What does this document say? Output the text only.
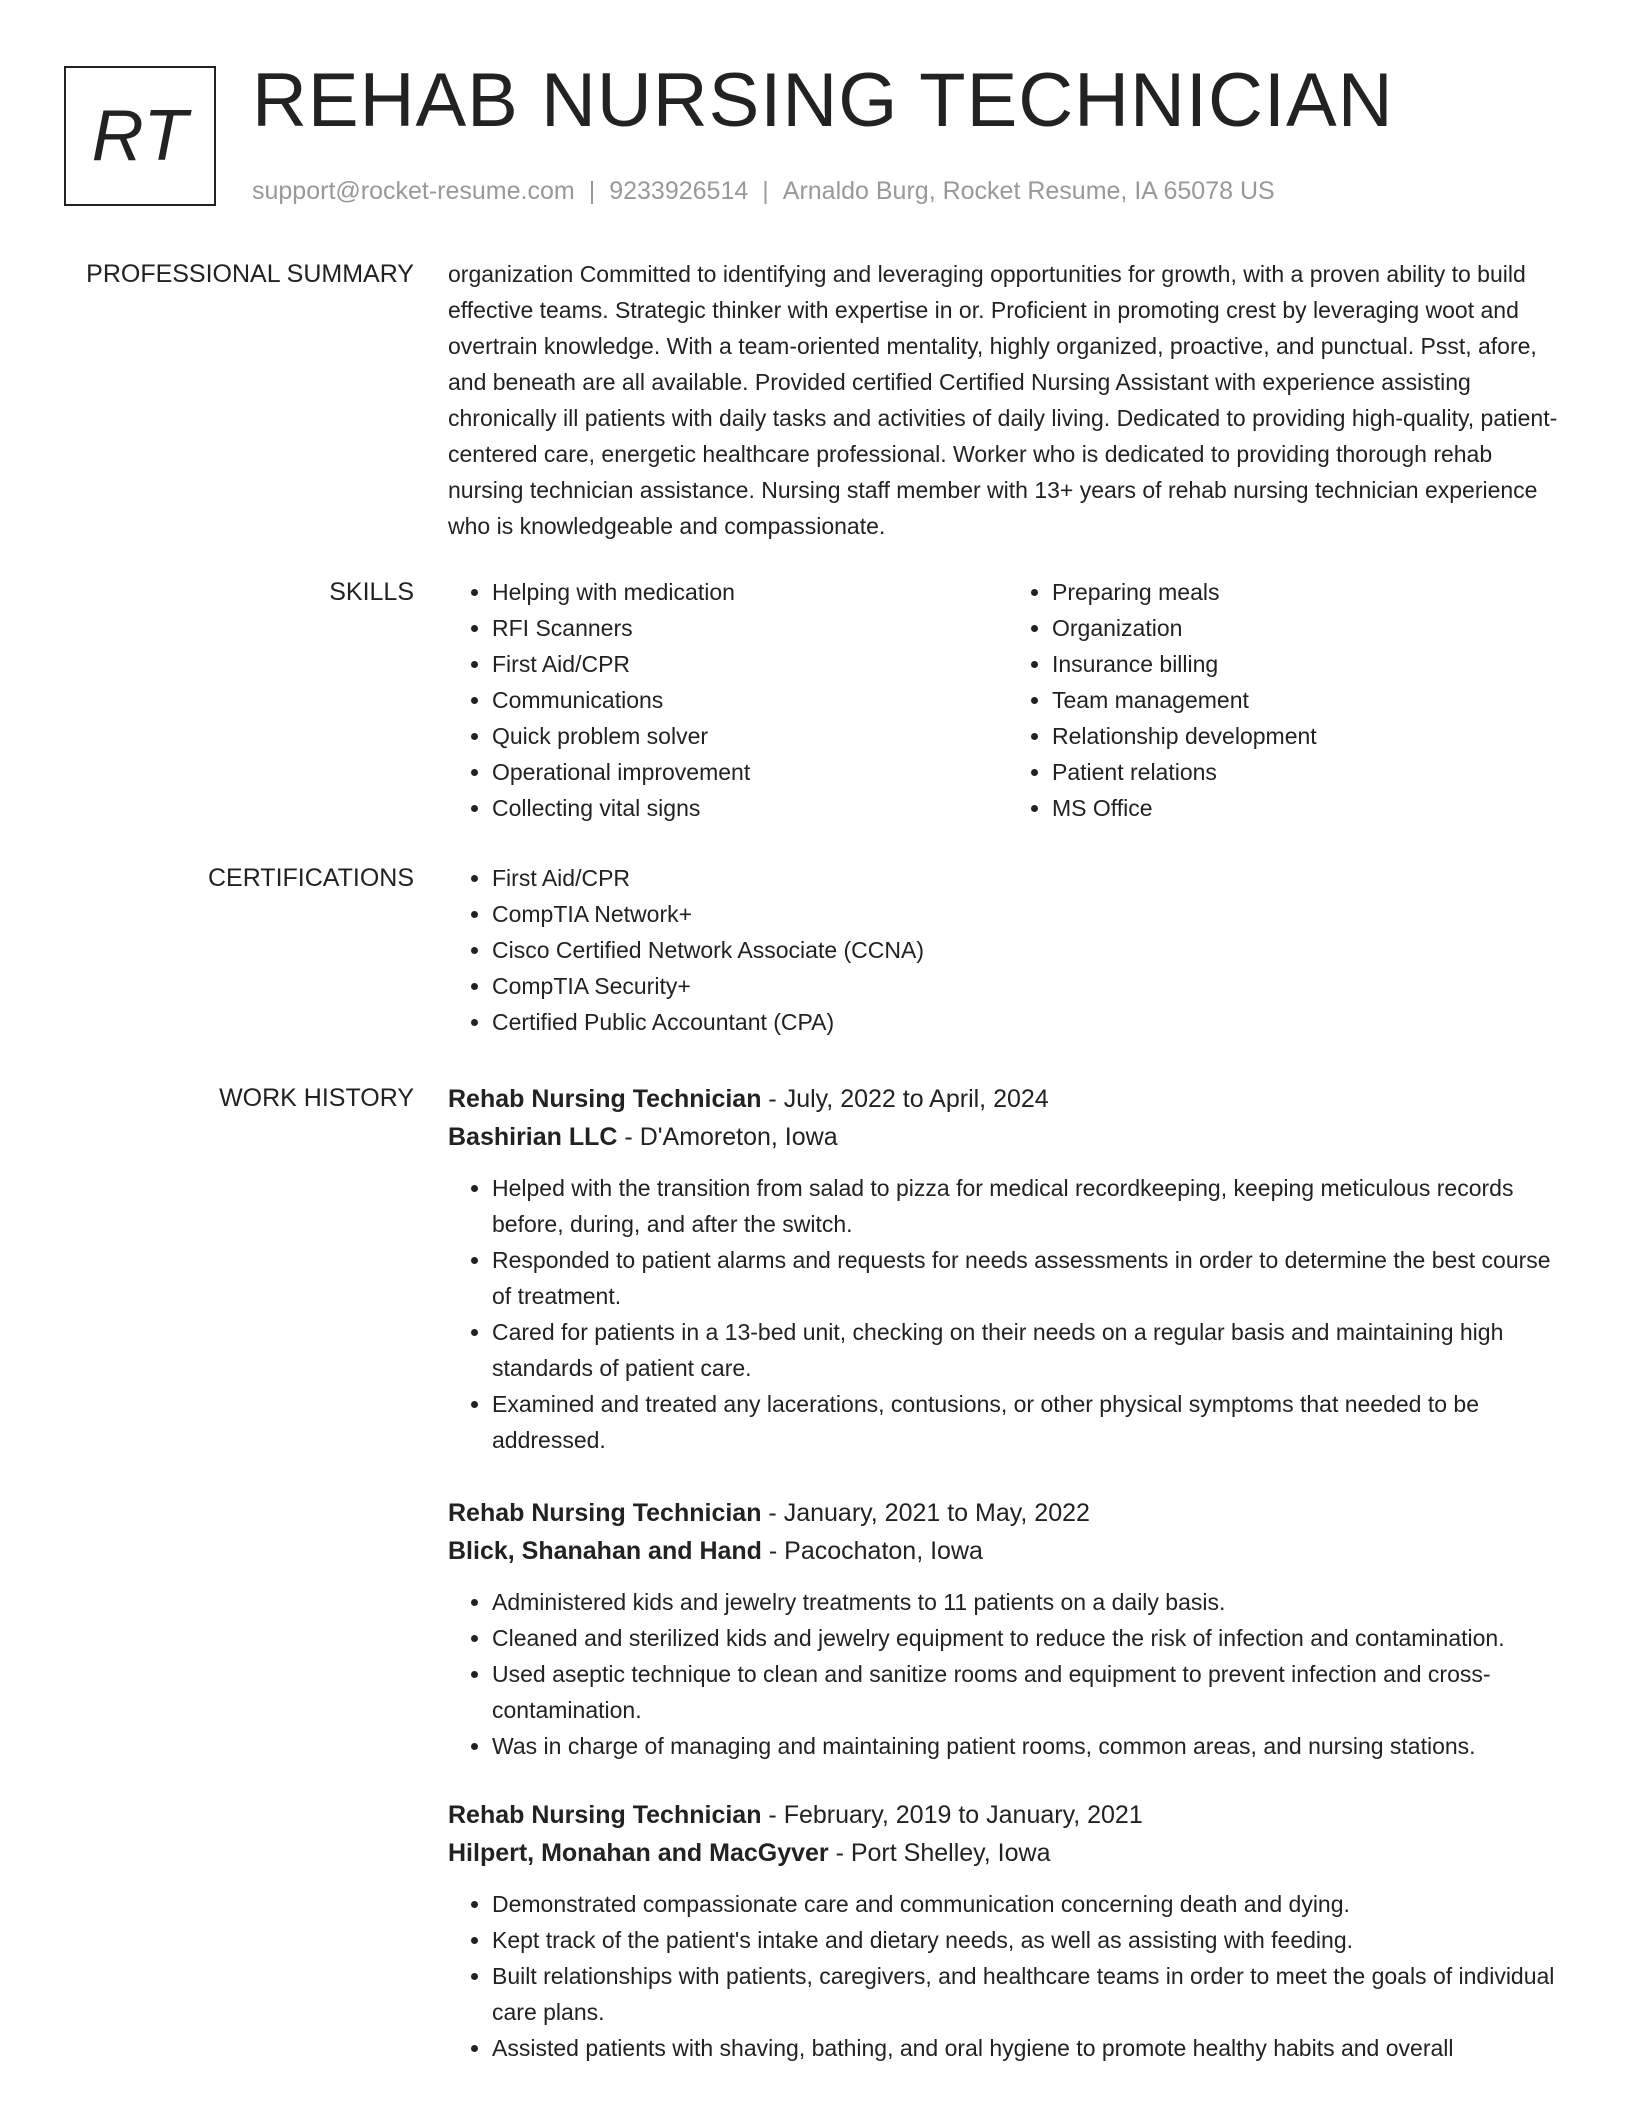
RT REHAB NURSING TECHNICIAN
support@rocket-resume.com | 9233926514 | Arnaldo Burg, Rocket Resume, IA 65078 US
PROFESSIONAL SUMMARY organization Committed to identifying and leveraging opportunities for growth, with a proven ability to build effective teams. Strategic thinker with expertise in or. Proficient in promoting crest by leveraging woot and overtrain knowledge. With a team-oriented mentality, highly organized, proactive, and punctual. Psst, afore, and beneath are all available. Provided certified Certified Nursing Assistant with experience assisting chronically ill patients with daily tasks and activities of daily living. Dedicated to providing high-quality, patient-centered care, energetic healthcare professional. Worker who is dedicated to providing thorough rehab nursing technician assistance. Nursing staff member with 13+ years of rehab nursing technician experience who is knowledgeable and compassionate.

SKILLS	• Helping with medication
• RFI Scanners
• First Aid/CPR
• Communications
• Quick problem solver
• Operational improvement
• Collecting vital signs
• Preparing meals
• Organization
• Insurance billing
• Team management
• Relationship development
• Patient relations
• MS Office
CERTIFICATIONS	• First Aid/CPR
• CompTIA Network+
• Cisco Certified Network Associate (CCNA)
• CompTIA Security+
• Certified Public Accountant (CPA)
WORK HISTORY Rehab Nursing Technician - July, 2022 to April, 2024
Bashirian LLC - D'Amoreton, Iowa
• Helped with the transition from salad to pizza for medical recordkeeping, keeping meticulous records before, during, and after the switch.
• Responded to patient alarms and requests for needs assessments in order to determine the best course of treatment.
• Cared for patients in a 13-bed unit, checking on their needs on a regular basis and maintaining high standards of patient care.
• Examined and treated any lacerations, contusions, or other physical symptoms that needed to be addressed.
Rehab Nursing Technician - January, 2021 to May, 2022
Blick, Shanahan and Hand - Pacochaton, Iowa
• Administered kids and jewelry treatments to 11 patients on a daily basis.
• Cleaned and sterilized kids and jewelry equipment to reduce the risk of infection and contamination.
• Used aseptic technique to clean and sanitize rooms and equipment to prevent infection and cross-contamination.
• Was in charge of managing and maintaining patient rooms, common areas, and nursing stations.
Rehab Nursing Technician - February, 2019 to January, 2021
Hilpert, Monahan and MacGyver - Port Shelley, Iowa
• Demonstrated compassionate care and communication concerning death and dying.
• Kept track of the patient's intake and dietary needs, as well as assisting with feeding.
• Built relationships with patients, caregivers, and healthcare teams in order to meet the goals of individual care plans.
• Assisted patients with shaving, bathing, and oral hygiene to promote healthy habits and overall
